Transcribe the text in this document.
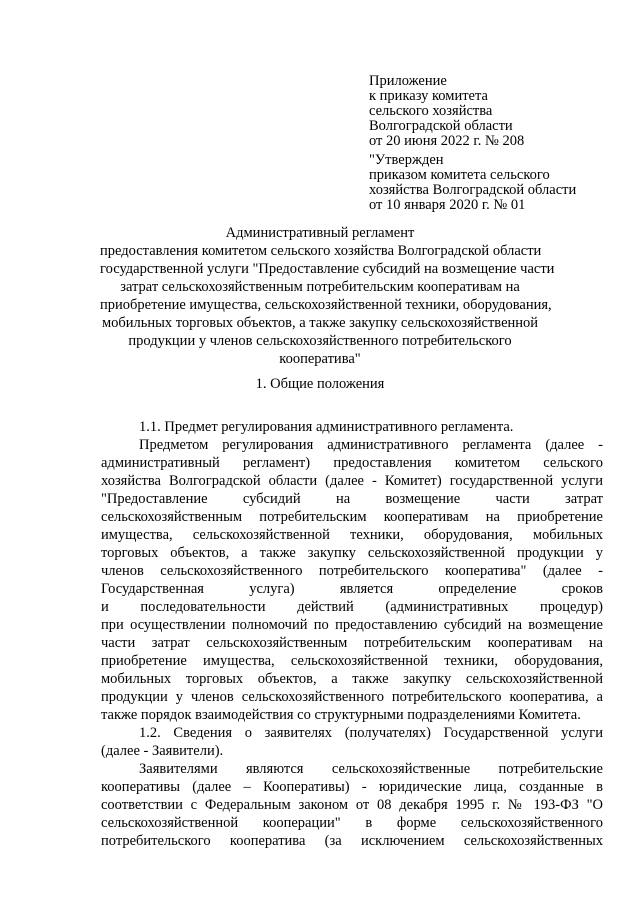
Приложение
к приказу комитета
сельского хозяйства
Волгоградской области
от 20 июня 2022 г. № 208
"Утвержден
приказом комитета сельского
хозяйства Волгоградской области
от 10 января 2020 г. № 01
Административный регламент
предоставления комитетом сельского хозяйства Волгоградской области
государственной услуги "Предоставление субсидий на возмещение части
затрат сельскохозяйственным потребительским кооперативам на
приобретение имущества, сельскохозяйственной техники, оборудования,
мобильных торговых объектов, а также закупку сельскохозяйственной
продукции у членов сельскохозяйственного потребительского
кооператива"
1. Общие положения
1.1. Предмет регулирования административного регламента.
Предметом регулирования административного регламента (далее -
административный регламент) предоставления комитетом сельского
хозяйства Волгоградской области (далее - Комитет) государственной услуги
"Предоставление субсидий на возмещение части затрат
сельскохозяйственным потребительским кооперативам на приобретение
имущества, сельскохозяйственной техники, оборудования, мобильных
торговых объектов, а также закупку сельскохозяйственной продукции у
членов сельскохозяйственного потребительского кооператива" (далее -
Государственная услуга) является определение сроков
и последовательности действий (административных процедур)
при осуществлении полномочий по предоставлению субсидий на возмещение
части затрат сельскохозяйственным потребительским кооперативам на
приобретение имущества, сельскохозяйственной техники, оборудования,
мобильных торговых объектов, а также закупку сельскохозяйственной
продукции у членов сельскохозяйственного потребительского кооператива, а
также порядок взаимодействия со структурными подразделениями Комитета.
1.2. Сведения о заявителях (получателях) Государственной услуги
(далее - Заявители).
Заявителями являются сельскохозяйственные потребительские
кооперативы (далее – Кооперативы) - юридические лица, созданные в
соответствии с Федеральным законом от 08 декабря 1995 г. № 193-ФЗ "О
сельскохозяйственной кооперации" в форме сельскохозяйственного
потребительского кооператива (за исключением сельскохозяйственных
